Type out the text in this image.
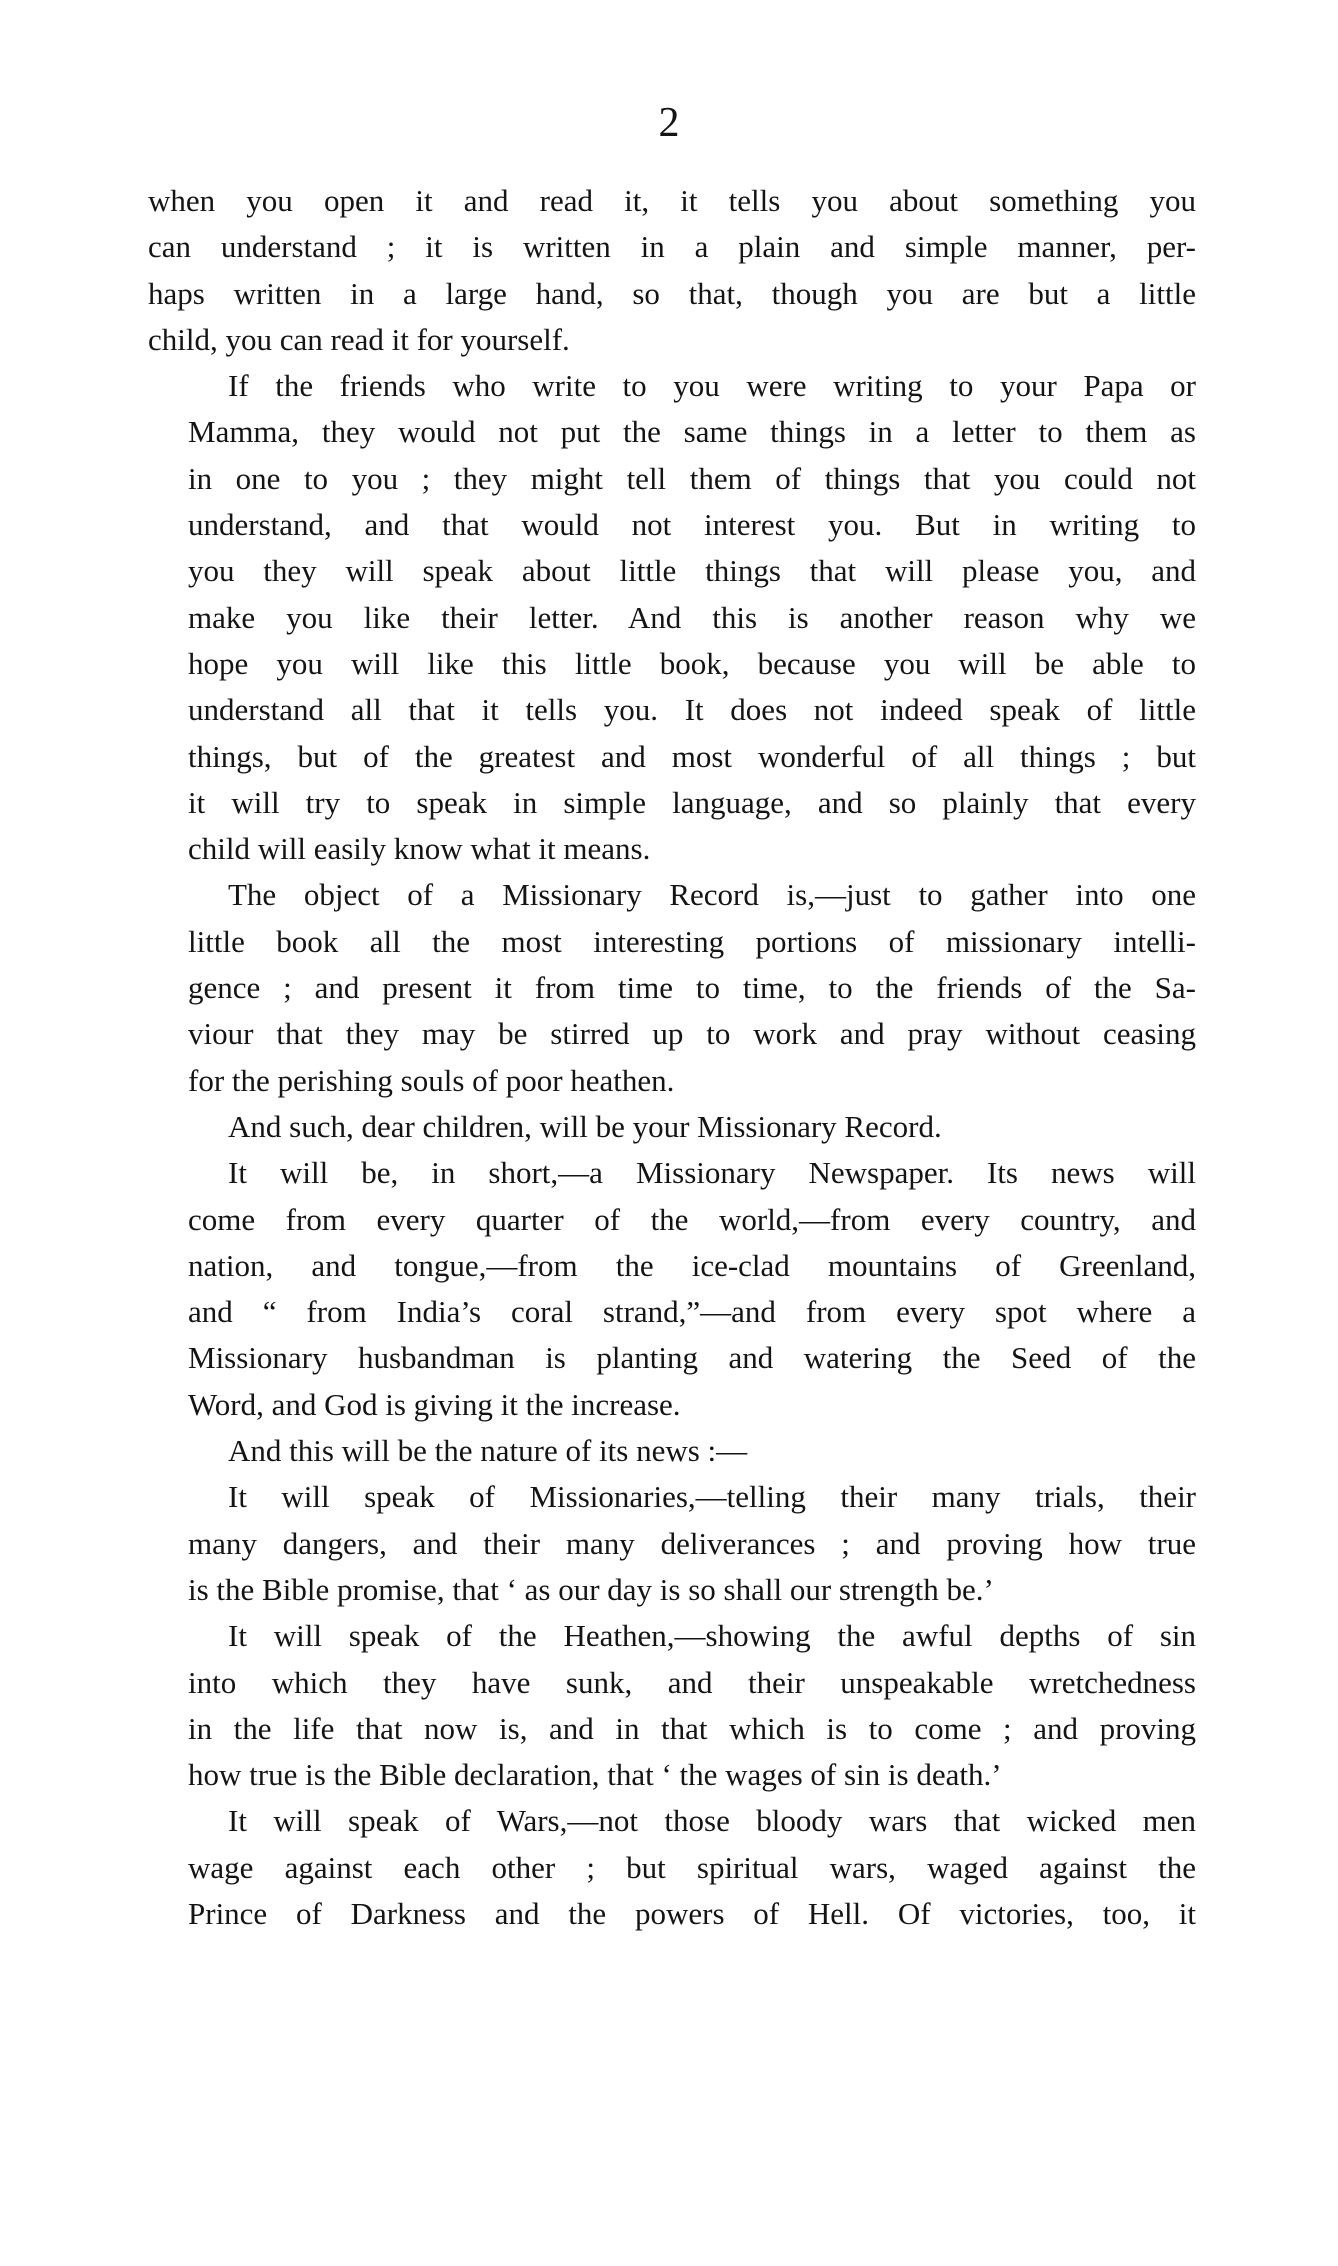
2
when you open it and read it, it tells you about something you
can understand ; it is written in a plain and simple manner, per-
haps written in a large hand, so that, though you are but a little
child, you can read it for yourself.
If the friends who write to you were writing to your Papa or
Mamma, they would not put the same things in a letter to them as
in one to you ; they might tell them of things that you could not
understand, and that would not interest you. But in writing to
you they will speak about little things that will please you, and
make you like their letter. And this is another reason why we
hope you will like this little book, because you will be able to
understand all that it tells you. It does not indeed speak of little
things, but of the greatest and most wonderful of all things ; but
it will try to speak in simple language, and so plainly that every
child will easily know what it means.
The object of a Missionary Record is,—just to gather into one
little book all the most interesting portions of missionary intelli-
gence ; and present it from time to time, to the friends of the Sa-
viour that they may be stirred up to work and pray without ceasing
for the perishing souls of poor heathen.
And such, dear children, will be your Missionary Record.
It will be, in short,—a Missionary Newspaper. Its news will
come from every quarter of the world,—from every country, and
nation, and tongue,—from the ice-clad mountains of Greenland,
and “ from India’s coral strand,”—and from every spot where a
Missionary husbandman is planting and watering the Seed of the
Word, and God is giving it the increase.
And this will be the nature of its news :—
It will speak of Missionaries,—telling their many trials, their
many dangers, and their many deliverances ; and proving how true
is the Bible promise, that ‘ as our day is so shall our strength be.’
It will speak of the Heathen,—showing the awful depths of sin
into which they have sunk, and their unspeakable wretchedness
in the life that now is, and in that which is to come ; and proving
how true is the Bible declaration, that ‘ the wages of sin is death.’
It will speak of Wars,—not those bloody wars that wicked men
wage against each other ; but spiritual wars, waged against the
Prince of Darkness and the powers of Hell. Of victories, too, it
